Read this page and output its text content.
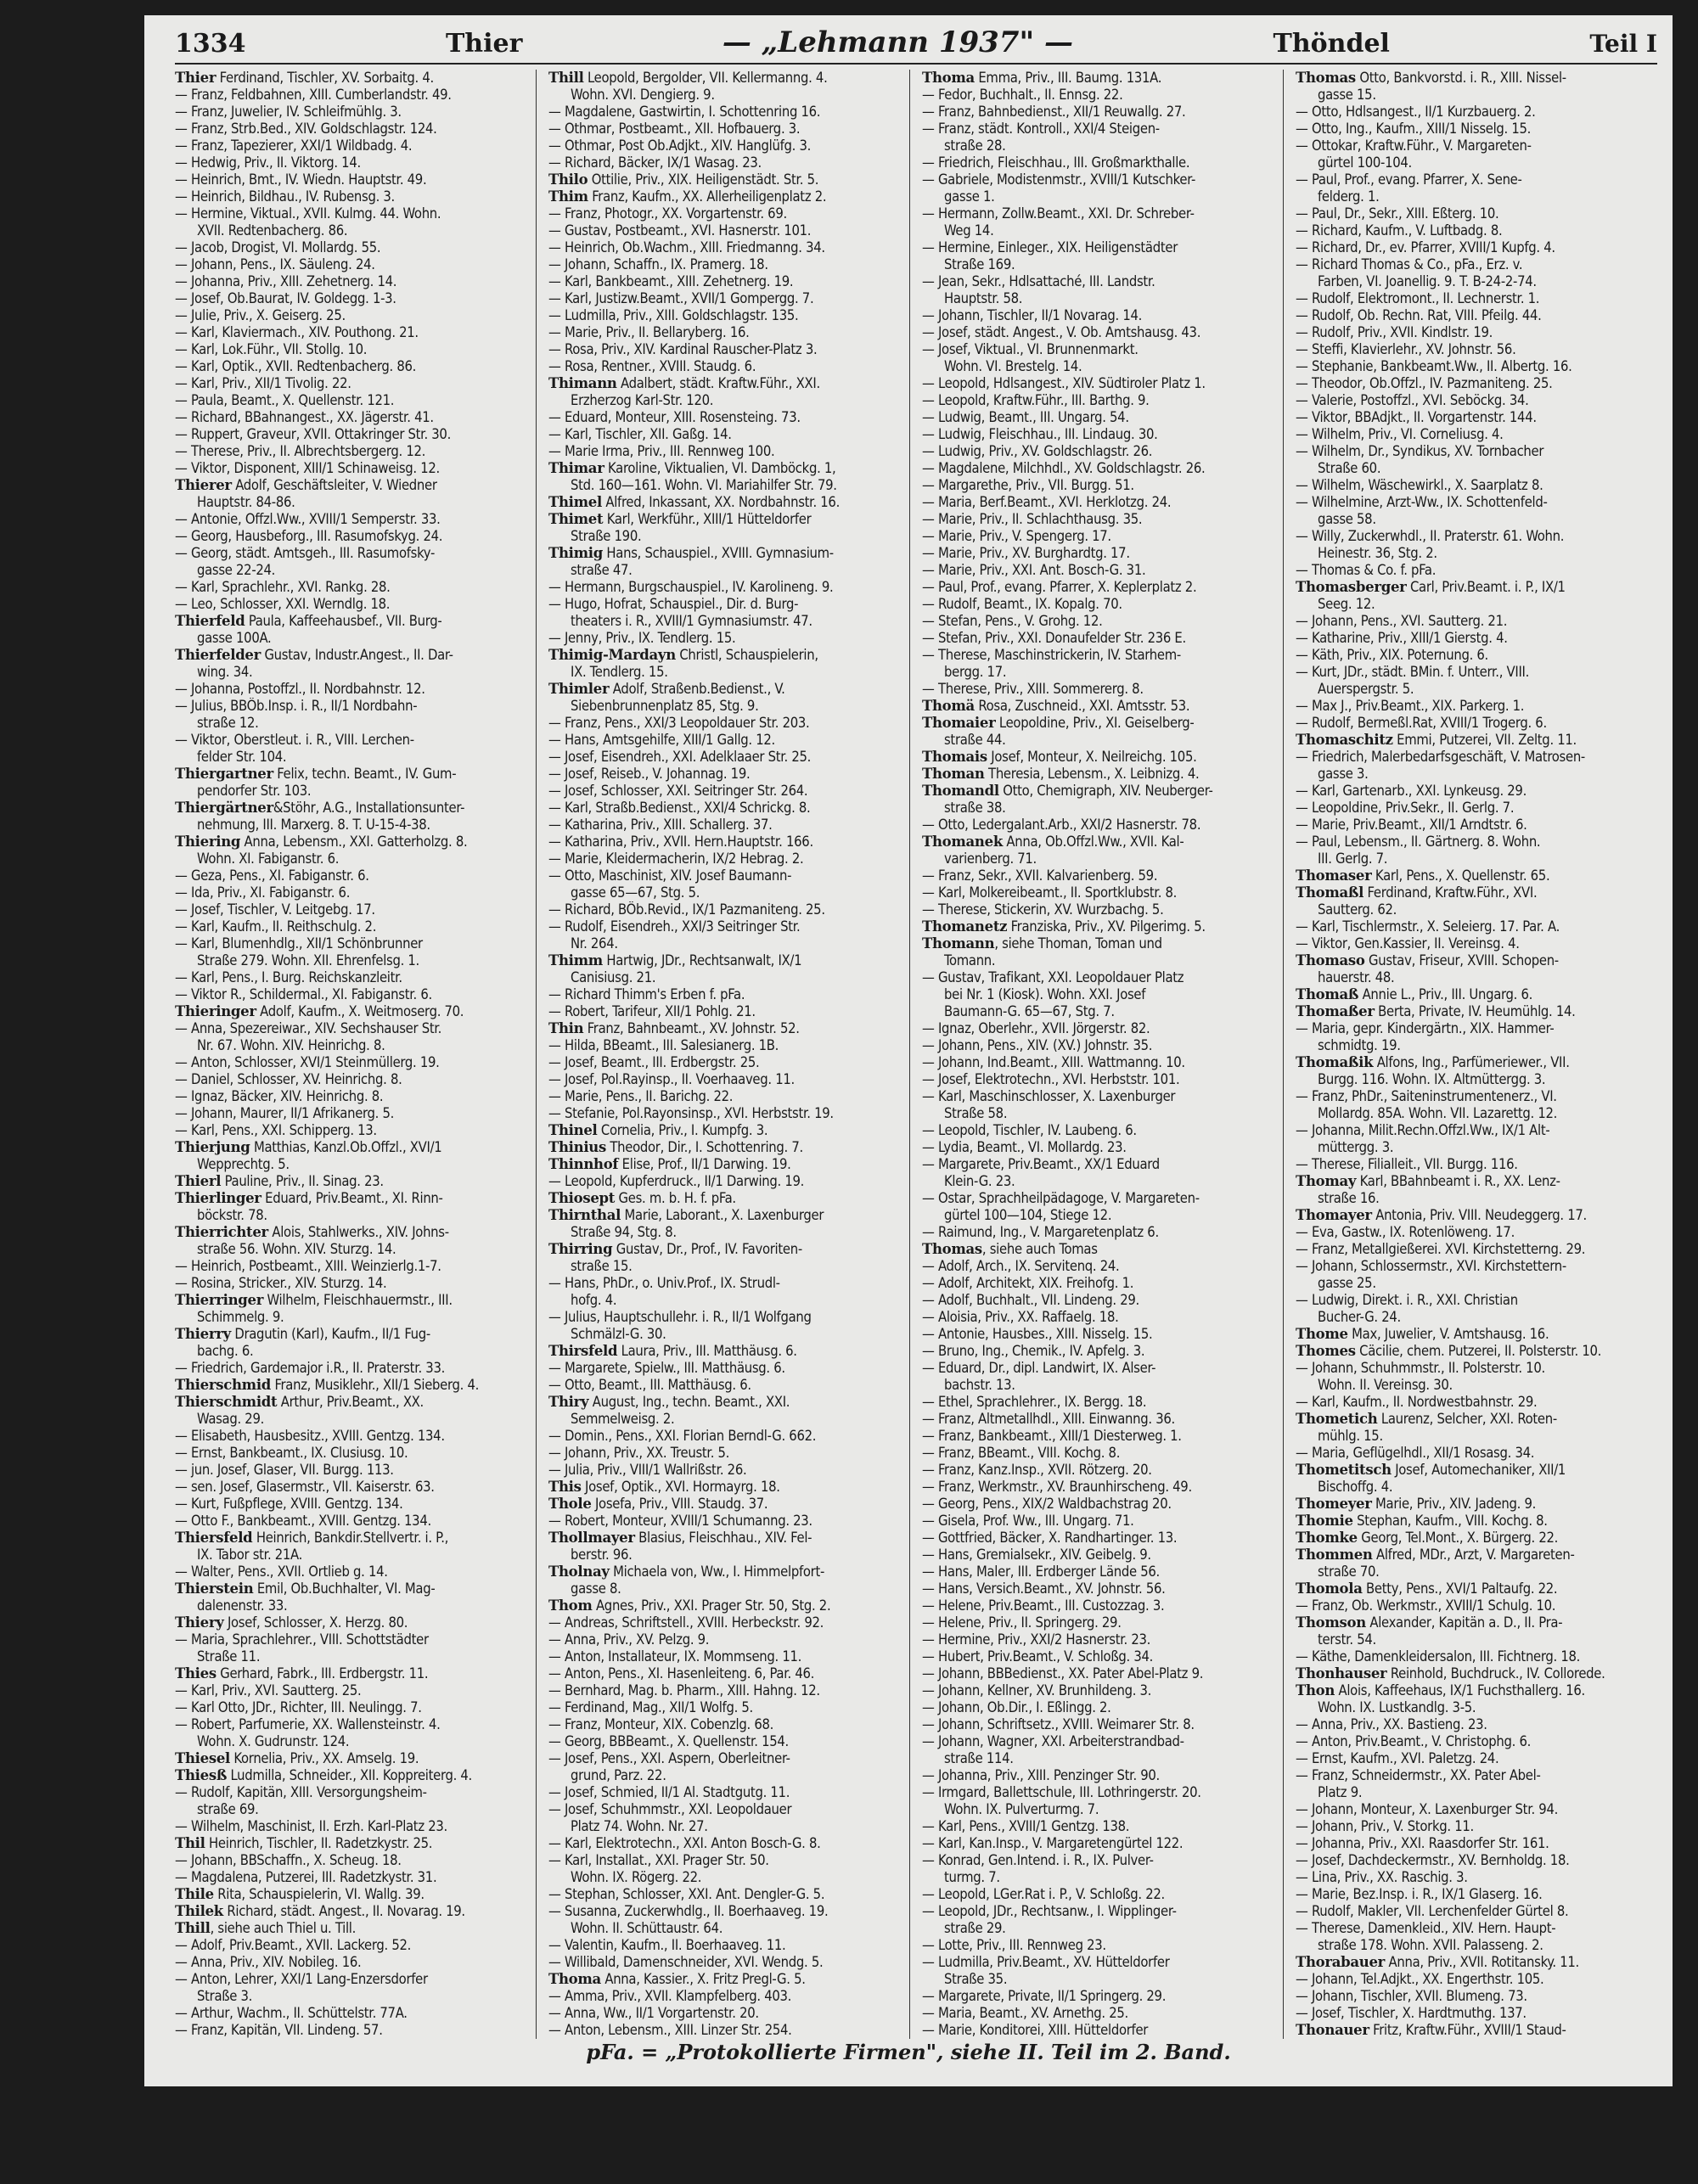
1334	Thier	— „Lehmann 1937" —	Thöndel	Teil I
Thier Ferdinand, Tischler, XV. Sorbaitg. 4.
— Franz, Feldbahnen, XIII. Cumberlandstr. 49.
— Franz, Juwelier, IV. Schleifmühlg. 3.
— Franz, Strb.Bed., XIV. Goldschlagstr. 124.
— Franz, Tapezierer, XXI/1 Wildbadg. 4.
— Hedwig, Priv., II. Viktorg. 14.
— Heinrich, Bmt., IV. Wiedn. Hauptstr. 49.
— Heinrich, Bildhau., IV. Rubensg. 3.
— Hermine, Viktual., XVII. Kulmg. 44. Wohn.
XVII. Redtenbacherg. 86.
— Jacob, Drogist, VI. Mollardg. 55.
— Johann, Pens., IX. Säuleng. 24.
— Johanna, Priv., XIII. Zehetnerg. 14.
— Josef, Ob.Baurat, IV. Goldegg. 1-3.
— Julie, Priv., X. Geiserg. 25.
— Karl, Klaviermach., XIV. Pouthong. 21.
— Karl, Lok.Führ., VII. Stollg. 10.
— Karl, Optik., XVII. Redtenbacherg. 86.
— Karl, Priv., XII/1 Tivolig. 22.
— Paula, Beamt., X. Quellenstr. 121.
— Richard, BBahnangest., XX. Jägerstr. 41.
— Ruppert, Graveur, XVII. Ottakringer Str. 30.
— Therese, Priv., II. Albrechtsbergerg. 12.
— Viktor, Disponent, XIII/1 Schinaweisg. 12.
Thierer Adolf, Geschäftsleiter, V. Wiedner
Hauptstr. 84-86.
— Antonie, Offzl.Ww., XVIII/1 Semperstr. 33.
— Georg, Hausbeforg., III. Rasumofskyg. 24.
— Georg, städt. Amtsgeh., III. Rasumofsky-
gasse 22-24.
— Karl, Sprachlehr., XVI. Rankg. 28.
— Leo, Schlosser, XXI. Werndlg. 18.
Thierfeld Paula, Kaffeehausbef., VII. Burg-
gasse 100A.
Thierfelder Gustav, Industr.Angest., II. Dar-
wing. 34.
— Johanna, Postoffzl., II. Nordbahnstr. 12.
— Julius, BBÖb.Insp. i. R., II/1 Nordbahn-
straße 12.
— Viktor, Oberstleut. i. R., VIII. Lerchen-
felder Str. 104.
Thiergartner Felix, techn. Beamt., IV. Gum-
pendorfer Str. 103.
Thiergärtner&Stöhr, A.G., Installationsunter-
nehmung, III. Marxerg. 8. T. U-15-4-38.
Thiering Anna, Lebensm., XXI. Gatterholzg. 8.
Wohn. XI. Fabiganstr. 6.
— Geza, Pens., XI. Fabiganstr. 6.
— Ida, Priv., XI. Fabiganstr. 6.
— Josef, Tischler, V. Leitgebg. 17.
— Karl, Kaufm., II. Reithschulg. 2.
— Karl, Blumenhdlg., XII/1 Schönbrunner
Straße 279. Wohn. XII. Ehrenfelsg. 1.
— Karl, Pens., I. Burg. Reichskanzleitr.
— Viktor R., Schildermal., XI. Fabiganstr. 6.
Thieringer Adolf, Kaufm., X. Weitmoserg. 70.
— Anna, Spezereiwar., XIV. Sechshauser Str.
Nr. 67. Wohn. XIV. Heinrichg. 8.
— Anton, Schlosser, XVI/1 Steinmüllerg. 19.
— Daniel, Schlosser, XV. Heinrichg. 8.
— Ignaz, Bäcker, XIV. Heinrichg. 8.
— Johann, Maurer, II/1 Afrikanerg. 5.
— Karl, Pens., XXI. Schipperg. 13.
Thierjung Matthias, Kanzl.Ob.Offzl., XVI/1
Wepprechtg. 5.
Thierl Pauline, Priv., II. Sinag. 23.
Thierlinger Eduard, Priv.Beamt., XI. Rinn-
böckstr. 78.
Thierrichter Alois, Stahlwerks., XIV. Johns-
straße 56. Wohn. XIV. Sturzg. 14.
— Heinrich, Postbeamt., XIII. Weinzierlg.1-7.
— Rosina, Stricker., XIV. Sturzg. 14.
Thierringer Wilhelm, Fleischhauermstr., III.
Schimmelg. 9.
Thierry Dragutin (Karl), Kaufm., II/1 Fug-
bachg. 6.
— Friedrich, Gardemajor i.R., II. Praterstr. 33.
Thierschmid Franz, Musiklehr., XII/1 Sieberg. 4.
Thierschmidt Arthur, Priv.Beamt., XX.
Wasag. 29.
— Elisabeth, Hausbesitz., XVIII. Gentzg. 134.
— Ernst, Bankbeamt., IX. Clusiusg. 10.
— jun. Josef, Glaser, VII. Burgg. 113.
— sen. Josef, Glasermstr., VII. Kaiserstr. 63.
— Kurt, Fußpflege, XVIII. Gentzg. 134.
— Otto F., Bankbeamt., XVIII. Gentzg. 134.
Thiersfeld Heinrich, Bankdir.Stellvertr. i. P.,
IX. Tabor str. 21A.
— Walter, Pens., XVII. Ortlieb g. 14.
Thierstein Emil, Ob.Buchhalter, VI. Mag-
dalenenstr. 33.
Thiery Josef, Schlosser, X. Herzg. 80.
— Maria, Sprachlehrer., VIII. Schottstädter
Straße 11.
Thies Gerhard, Fabrk., III. Erdbergstr. 11.
— Karl, Priv., XVI. Sautterg. 25.
— Karl Otto, JDr., Richter, III. Neulingg. 7.
— Robert, Parfumerie, XX. Wallensteinstr. 4.
Wohn. X. Gudrunstr. 124.
Thiesel Kornelia, Priv., XX. Amselg. 19.
Thiesß Ludmilla, Schneider., XII. Koppreiterg. 4.
— Rudolf, Kapitän, XIII. Versorgungsheim-
straße 69.
— Wilhelm, Maschinist, II. Erzh. Karl-Platz 23.
Thil Heinrich, Tischler, II. Radetzkystr. 25.
— Johann, BBSchaffn., X. Scheug. 18.
— Magdalena, Putzerei, III. Radetzkystr. 31.
Thile Rita, Schauspielerin, VI. Wallg. 39.
Thilek Richard, städt. Angest., II. Novarag. 19.
Thill, siehe auch Thiel u. Till.
— Adolf, Priv.Beamt., XVII. Lackerg. 52.
— Anna, Priv., XIV. Nobileg. 16.
— Anton, Lehrer, XXI/1 Lang-Enzersdorfer
Straße 3.
— Arthur, Wachm., II. Schüttelstr. 77A.
— Franz, Kapitän, VII. Lindeng. 57.
Thill Leopold, Bergolder, VII. Kellermanng. 4.
Wohn. XVI. Dengierg. 9.
— Magdalene, Gastwirtin, I. Schottenring 16.
— Othmar, Postbeamt., XII. Hofbauerg. 3.
— Othmar, Post Ob.Adjkt., XIV. Hanglüfg. 3.
— Richard, Bäcker, IX/1 Wasag. 23.
Thilo Ottilie, Priv., XIX. Heiligenstädt. Str. 5.
Thim Franz, Kaufm., XX. Allerheiligenplatz 2.
— Franz, Photogr., XX. Vorgartenstr. 69.
— Gustav, Postbeamt., XVI. Hasnerstr. 101.
— Heinrich, Ob.Wachm., XIII. Friedmanng. 34.
— Johann, Schaffn., IX. Pramerg. 18.
— Karl, Bankbeamt., XIII. Zehetnerg. 19.
— Karl, Justizw.Beamt., XVII/1 Gompergg. 7.
— Ludmilla, Priv., XIII. Goldschlagstr. 135.
— Marie, Priv., II. Bellaryberg. 16.
— Rosa, Priv., XIV. Kardinal Rauscher-Platz 3.
— Rosa, Rentner., XVIII. Staudg. 6.
Thimann Adalbert, städt. Kraftw.Führ., XXI.
Erzherzog Karl-Str. 120.
— Eduard, Monteur, XIII. Rosensteing. 73.
— Karl, Tischler, XII. Gaßg. 14.
— Marie Irma, Priv., III. Rennweg 100.
Thimar Karoline, Viktualien, VI. Damböckg. 1,
Std. 160—161. Wohn. VI. Mariahilfer Str. 79.
Thimel Alfred, Inkassant, XX. Nordbahnstr. 16.
Thimet Karl, Werkführ., XIII/1 Hütteldorfer
Straße 190.
Thimig Hans, Schauspiel., XVIII. Gymnasium-
straße 47.
— Hermann, Burgschauspiel., IV. Karolineng. 9.
— Hugo, Hofrat, Schauspiel., Dir. d. Burg-
theaters i. R., XVIII/1 Gymnasiumstr. 47.
— Jenny, Priv., IX. Tendlerg. 15.
Thimig-Mardayn Christl, Schauspielerin,
IX. Tendlerg. 15.
Thimler Adolf, Straßenb.Bedienst., V.
Siebenbrunnenplatz 85, Stg. 9.
— Franz, Pens., XXI/3 Leopoldauer Str. 203.
— Hans, Amtsgehilfe, XIII/1 Gallg. 12.
— Josef, Eisendreh., XXI. Adelklaaer Str. 25.
— Josef, Reiseb., V. Johannag. 19.
— Josef, Schlosser, XXI. Seitringer Str. 264.
— Karl, Straßb.Bedienst., XXI/4 Schrickg. 8.
— Katharina, Priv., XIII. Schallerg. 37.
— Katharina, Priv., XVII. Hern.Hauptstr. 166.
— Marie, Kleidermacherin, IX/2 Hebrag. 2.
— Otto, Maschinist, XIV. Josef Baumann-
gasse 65—67, Stg. 5.
— Richard, BÖb.Revid., IX/1 Pazmaniteng. 25.
— Rudolf, Eisendreh., XXI/3 Seitringer Str.
Nr. 264.
Thimm Hartwig, JDr., Rechtsanwalt, IX/1
Canisiusg. 21.
— Richard Thimm's Erben f. pFa.
— Robert, Tarifeur, XII/1 Pohlg. 21.
Thin Franz, Bahnbeamt., XV. Johnstr. 52.
— Hilda, BBeamt., III. Salesianerg. 1B.
— Josef, Beamt., III. Erdbergstr. 25.
— Josef, Pol.Rayinsp., II. Voerhaaveg. 11.
— Marie, Pens., II. Barichg. 22.
— Stefanie, Pol.Rayonsinsp., XVI. Herbststr. 19.
Thinel Cornelia, Priv., I. Kumpfg. 3.
Thinius Theodor, Dir., I. Schottenring. 7.
Thinnhof Elise, Prof., II/1 Darwing. 19.
— Leopold, Kupferdruck., II/1 Darwing. 19.
Thiosept Ges. m. b. H. f. pFa.
Thirnthal Marie, Laborant., X. Laxenburger
Straße 94, Stg. 8.
Thirring Gustav, Dr., Prof., IV. Favoriten-
straße 15.
— Hans, PhDr., o. Univ.Prof., IX. Strudl-
hofg. 4.
— Julius, Hauptschullehr. i. R., II/1 Wolfgang
Schmälzl-G. 30.
Thirsfeld Laura, Priv., III. Matthäusg. 6.
— Margarete, Spielw., III. Matthäusg. 6.
— Otto, Beamt., III. Matthäusg. 6.
Thiry August, Ing., techn. Beamt., XXI.
Semmelweisg. 2.
— Domin., Pens., XXI. Florian Berndl-G. 662.
— Johann, Priv., XX. Treustr. 5.
— Julia, Priv., VIII/1 Wallrißstr. 26.
This Josef, Optik., XVI. Hormayrg. 18.
Thole Josefa, Priv., VIII. Staudg. 37.
— Robert, Monteur, XVIII/1 Schumanng. 23.
Thollmayer Blasius, Fleischhau., XIV. Fel-
berstr. 96.
Tholnay Michaela von, Ww., I. Himmelpfort-
gasse 8.
Thom Agnes, Priv., XXI. Prager Str. 50, Stg. 2.
— Andreas, Schriftstell., XVIII. Herbeckstr. 92.
— Anna, Priv., XV. Pelzg. 9.
— Anton, Installateur, IX. Mommseng. 11.
— Anton, Pens., XI. Hasenleiteng. 6, Par. 46.
— Bernhard, Mag. b. Pharm., XIII. Hahng. 12.
— Ferdinand, Mag., XII/1 Wolfg. 5.
— Franz, Monteur, XIX. Cobenzlg. 68.
— Georg, BBBeamt., X. Quellenstr. 154.
— Josef, Pens., XXI. Aspern, Oberleitner-
grund, Parz. 22.
— Josef, Schmied, II/1 Al. Stadtgutg. 11.
— Josef, Schuhmmstr., XXI. Leopoldauer
Platz 74. Wohn. Nr. 27.
— Karl, Elektrotechn., XXI. Anton Bosch-G. 8.
— Karl, Installat., XXI. Prager Str. 50.
Wohn. IX. Rögerg. 22.
— Stephan, Schlosser, XXI. Ant. Dengler-G. 5.
— Susanna, Zuckerwhdlg., II. Boerhaaveg. 19.
Wohn. II. Schüttaustr. 64.
— Valentin, Kaufm., II. Boerhaaveg. 11.
— Willibald, Damenschneider, XVI. Wendg. 5.
Thoma Anna, Kassier., X. Fritz Pregl-G. 5.
— Amma, Priv., XVII. Klampfelberg. 403.
— Anna, Ww., II/1 Vorgartenstr. 20.
— Anton, Lebensm., XIII. Linzer Str. 254.
Thoma Emma, Priv., III. Baumg. 131A.
— Fedor, Buchhalt., II. Ennsg. 22.
— Franz, Bahnbedienst., XII/1 Reuwallg. 27.
— Franz, städt. Kontroll., XXI/4 Steigen-
straße 28.
— Friedrich, Fleischhau., III. Großmarkthalle.
— Gabriele, Modistenmstr., XVIII/1 Kutschker-
gasse 1.
— Hermann, Zollw.Beamt., XXI. Dr. Schreber-
Weg 14.
— Hermine, Einleger., XIX. Heiligenstädter
Straße 169.
— Jean, Sekr., Hdlsattaché, III. Landstr.
Hauptstr. 58.
— Johann, Tischler, II/1 Novarag. 14.
— Josef, städt. Angest., V. Ob. Amtshausg. 43.
— Josef, Viktual., VI. Brunnenmarkt.
Wohn. VI. Brestelg. 14.
— Leopold, Hdlsangest., XIV. Südtiroler Platz 1.
— Leopold, Kraftw.Führ., III. Barthg. 9.
— Ludwig, Beamt., III. Ungarg. 54.
— Ludwig, Fleischhau., III. Lindaug. 30.
— Ludwig, Priv., XV. Goldschlagstr. 26.
— Magdalene, Milchhdl., XV. Goldschlagstr. 26.
— Margarethe, Priv., VII. Burgg. 51.
— Maria, Berf.Beamt., XVI. Herklotzg. 24.
— Marie, Priv., II. Schlachthausg. 35.
— Marie, Priv., V. Spengerg. 17.
— Marie, Priv., XV. Burghardtg. 17.
— Marie, Priv., XXI. Ant. Bosch-G. 31.
— Paul, Prof., evang. Pfarrer, X. Keplerplatz 2.
— Rudolf, Beamt., IX. Kopalg. 70.
— Stefan, Pens., V. Grohg. 12.
— Stefan, Priv., XXI. Donaufelder Str. 236 E.
— Therese, Maschinstrickerin, IV. Starhem-
bergg. 17.
— Therese, Priv., XIII. Sommererg. 8.
Thomä Rosa, Zuschneid., XXI. Amtsstr. 53.
Thomaier Leopoldine, Priv., XI. Geiselberg-
straße 44.
Thomais Josef, Monteur, X. Neilreichg. 105.
Thoman Theresia, Lebensm., X. Leibnizg. 4.
Thomandl Otto, Chemigraph, XIV. Neuberger-
straße 38.
— Otto, Ledergalant.Arb., XXI/2 Hasnerstr. 78.
Thomanek Anna, Ob.Offzl.Ww., XVII. Kal-
varienberg. 71.
— Franz, Sekr., XVII. Kalvarienberg. 59.
— Karl, Molkereibeamt., II. Sportklubstr. 8.
— Therese, Stickerin, XV. Wurzbachg. 5.
Thomanetz Franziska, Priv., XV. Pilgerimg. 5.
Thomann, siehe Thoman, Toman und
Tomann.
— Gustav, Trafikant, XXI. Leopoldauer Platz
bei Nr. 1 (Kiosk). Wohn. XXI. Josef
Baumann-G. 65—67, Stg. 7.
— Ignaz, Oberlehr., XVII. Jörgerstr. 82.
— Johann, Pens., XIV. (XV.) Johnstr. 35.
— Johann, Ind.Beamt., XIII. Wattmanng. 10.
— Josef, Elektrotechn., XVI. Herbststr. 101.
— Karl, Maschinschlosser, X. Laxenburger
Straße 58.
— Leopold, Tischler, IV. Laubeng. 6.
— Lydia, Beamt., VI. Mollardg. 23.
— Margarete, Priv.Beamt., XX/1 Eduard
Klein-G. 23.
— Ostar, Sprachheilpädagoge, V. Margareten-
gürtel 100—104, Stiege 12.
— Raimund, Ing., V. Margaretenplatz 6.
Thomas, siehe auch Tomas
— Adolf, Arch., IX. Servitenq. 24.
— Adolf, Architekt, XIX. Freihofg. 1.
— Adolf, Buchhalt., VII. Lindeng. 29.
— Aloisia, Priv., XX. Raffaelg. 18.
— Antonie, Hausbes., XIII. Nisselg. 15.
— Bruno, Ing., Chemik., IV. Apfelg. 3.
— Eduard, Dr., dipl. Landwirt, IX. Alser-
bachstr. 13.
— Ethel, Sprachlehrer., IX. Bergg. 18.
— Franz, Altmetallhdl., XIII. Einwanng. 36.
— Franz, Bankbeamt., XIII/1 Diesterweg. 1.
— Franz, BBeamt., VIII. Kochg. 8.
— Franz, Kanz.Insp., XVII. Rötzerg. 20.
— Franz, Werkmstr., XV. Braunhirscheng. 49.
— Georg, Pens., XIX/2 Waldbachstrag 20.
— Gisela, Prof. Ww., III. Ungarg. 71.
— Gottfried, Bäcker, X. Randhartinger. 13.
— Hans, Gremialsekr., XIV. Geibelg. 9.
— Hans, Maler, III. Erdberger Lände 56.
— Hans, Versich.Beamt., XV. Johnstr. 56.
— Helene, Priv.Beamt., III. Custozzag. 3.
— Helene, Priv., II. Springerg. 29.
— Hermine, Priv., XXI/2 Hasnerstr. 23.
— Hubert, Priv.Beamt., V. Schloßg. 34.
— Johann, BBBedienst., XX. Pater Abel-Platz 9.
— Johann, Kellner, XV. Brunhildeng. 3.
— Johann, Ob.Dir., I. Eßlingg. 2.
— Johann, Schriftsetz., XVIII. Weimarer Str. 8.
— Johann, Wagner, XXI. Arbeiterstrandbad-
straße 114.
— Johanna, Priv., XIII. Penzinger Str. 90.
— Irmgard, Ballettschule, III. Lothringerstr. 20.
Wohn. IX. Pulverturmg. 7.
— Karl, Pens., XVIII/1 Gentzg. 138.
— Karl, Kan.Insp., V. Margaretengürtel 122.
— Konrad, Gen.Intend. i. R., IX. Pulver-
turmg. 7.
— Leopold, LGer.Rat i. P., V. Schloßg. 22.
— Leopold, JDr., Rechtsanw., I. Wipplinger-
straße 29.
— Lotte, Priv., III. Rennweg 23.
— Ludmilla, Priv.Beamt., XV. Hütteldorfer
Straße 35.
— Margarete, Private, II/1 Springerg. 29.
— Maria, Beamt., XV. Arnethg. 25.
— Marie, Konditorei, XIII. Hütteldorfer
Thomas Otto, Bankvorstd. i. R., XIII. Nissel-
gasse 15.
— Otto, Hdlsangest., II/1 Kurzbauerg. 2.
— Otto, Ing., Kaufm., XIII/1 Nisselg. 15.
— Ottokar, Kraftw.Führ., V. Margareten-
gürtel 100-104.
— Paul, Prof., evang. Pfarrer, X. Sene-
felderg. 1.
— Paul, Dr., Sekr., XIII. Eßterg. 10.
— Richard, Kaufm., V. Luftbadg. 8.
— Richard, Dr., ev. Pfarrer, XVIII/1 Kupfg. 4.
— Richard Thomas & Co., pFa., Erz. v.
Farben, VI. Joanellig. 9. T. B-24-2-74.
— Rudolf, Elektromont., II. Lechnerstr. 1.
— Rudolf, Ob. Rechn. Rat, VIII. Pfeilg. 44.
— Rudolf, Priv., XVII. Kindlstr. 19.
— Steffi, Klavierlehr., XV. Johnstr. 56.
— Stephanie, Bankbeamt.Ww., II. Albertg. 16.
— Theodor, Ob.Offzl., IV. Pazmaniteng. 25.
— Valerie, Postoffzl., XVI. Seböckg. 34.
— Viktor, BBAdjkt., II. Vorgartenstr. 144.
— Wilhelm, Priv., VI. Corneliusg. 4.
— Wilhelm, Dr., Syndikus, XV. Tornbacher
Straße 60.
— Wilhelm, Wäschewirkl., X. Saarplatz 8.
— Wilhelmine, Arzt-Ww., IX. Schottenfeld-
gasse 58.
— Willy, Zuckerwhdl., II. Praterstr. 61. Wohn.
Heinestr. 36, Stg. 2.
— Thomas & Co. f. pFa.
Thomasberger Carl, Priv.Beamt. i. P., IX/1
Seeg. 12.
— Johann, Pens., XVI. Sautterg. 21.
— Katharine, Priv., XIII/1 Gierstg. 4.
— Käth, Priv., XIX. Poternung. 6.
— Kurt, JDr., städt. BMin. f. Unterr., VIII.
Auerspergstr. 5.
— Max J., Priv.Beamt., XIX. Parkerg. 1.
— Rudolf, Bermeßl.Rat, XVIII/1 Trogerg. 6.
Thomaschitz Emmi, Putzerei, VII. Zeltg. 11.
— Friedrich, Malerbedarfsgeschäft, V. Matrosen-
gasse 3.
— Karl, Gartenarb., XXI. Lynkeusg. 29.
— Leopoldine, Priv.Sekr., II. Gerlg. 7.
— Marie, Priv.Beamt., XII/1 Arndtstr. 6.
— Paul, Lebensm., II. Gärtnerg. 8. Wohn.
III. Gerlg. 7.
Thomaser Karl, Pens., X. Quellenstr. 65.
Thomaßl Ferdinand, Kraftw.Führ., XVI.
Sautterg. 62.
— Karl, Tischlermstr., X. Seleierg. 17. Par. A.
— Viktor, Gen.Kassier, II. Vereinsg. 4.
Thomaso Gustav, Friseur, XVIII. Schopen-
hauerstr. 48.
Thomaß Annie L., Priv., III. Ungarg. 6.
Thomaßer Berta, Private, IV. Heumühlg. 14.
— Maria, gepr. Kindergärtn., XIX. Hammer-
schmidtg. 19.
Thomaßik Alfons, Ing., Parfümeriewer., VII.
Burgg. 116. Wohn. IX. Altmüttergg. 3.
— Franz, PhDr., Saiteninstrumentenerz., VI.
Mollardg. 85A. Wohn. VII. Lazarettg. 12.
— Johanna, Milit.Rechn.Offzl.Ww., IX/1 Alt-
müttergg. 3.
— Therese, Filialleit., VII. Burgg. 116.
Thomay Karl, BBahnbeamt i. R., XX. Lenz-
straße 16.
Thomayer Antonia, Priv. VIII. Neudeggerg. 17.
— Eva, Gastw., IX. Rotenlöweng. 17.
— Franz, Metallgießerei. XVI. Kirchstetterng. 29.
— Johann, Schlossermstr., XVI. Kirchstettern-
gasse 25.
— Ludwig, Direkt. i. R., XXI. Christian
Bucher-G. 24.
Thome Max, Juwelier, V. Amtshausg. 16.
Thomes Cäcilie, chem. Putzerei, II. Polsterstr. 10.
— Johann, Schuhmmstr., II. Polsterstr. 10.
Wohn. II. Vereinsg. 30.
— Karl, Kaufm., II. Nordwestbahnstr. 29.
Thometich Laurenz, Selcher, XXI. Roten-
mühlg. 15.
— Maria, Geflügelhdl., XII/1 Rosasg. 34.
Thometitsch Josef, Automechaniker, XII/1
Bischoffg. 4.
Thomeyer Marie, Priv., XIV. Jadeng. 9.
Thomie Stephan, Kaufm., VIII. Kochg. 8.
Thomke Georg, Tel.Mont., X. Bürgerg. 22.
Thommen Alfred, MDr., Arzt, V. Margareten-
straße 70.
Thomola Betty, Pens., XVI/1 Paltaufg. 22.
— Franz, Ob. Werkmstr., XVIII/1 Schulg. 10.
Thomson Alexander, Kapitän a. D., II. Pra-
terstr. 54.
— Käthe, Damenkleidersalon, III. Fichtnerg. 18.
Thonhauser Reinhold, Buchdruck., IV. Collorede.
Thon Alois, Kaffeehaus, IX/1 Fuchsthallerg. 16.
Wohn. IX. Lustkandlg. 3-5.
— Anna, Priv., XX. Bastieng. 23.
— Anton, Priv.Beamt., V. Christophg. 6.
— Ernst, Kaufm., XVI. Paletzg. 24.
— Franz, Schneidermstr., XX. Pater Abel-
Platz 9.
— Johann, Monteur, X. Laxenburger Str. 94.
— Johann, Priv., V. Storkg. 11.
— Johanna, Priv., XXI. Raasdorfer Str. 161.
— Josef, Dachdeckermstr., XV. Bernholdg. 18.
— Lina, Priv., XX. Raschig. 3.
— Marie, Bez.Insp. i. R., IX/1 Glaserg. 16.
— Rudolf, Makler, VII. Lerchenfelder Gürtel 8.
— Therese, Damenkleid., XIV. Hern. Haupt-
straße 178. Wohn. XVII. Palasseng. 2.
Thorabauer Anna, Priv., XVII. Rotitansky. 11.
— Johann, Tel.Adjkt., XX. Engerthstr. 105.
— Johann, Tischler, XVII. Blumeng. 73.
— Josef, Tischler, X. Hardtmuthg. 137.
Thonauer Fritz, Kraftw.Führ., XVIII/1 Staud-
pFa. = „Protokollierte Firmen", siehe II. Teil im 2. Band.
